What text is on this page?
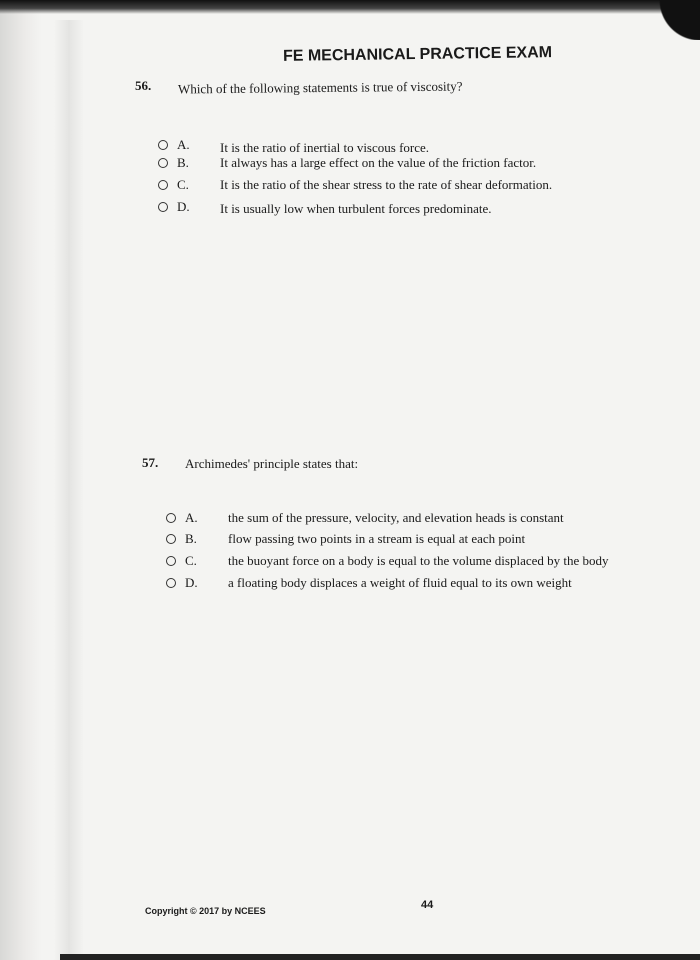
FE MECHANICAL PRACTICE EXAM
56. Which of the following statements is true of viscosity?
A. It is the ratio of inertial to viscous force.
B. It always has a large effect on the value of the friction factor.
C. It is the ratio of the shear stress to the rate of shear deformation.
D. It is usually low when turbulent forces predominate.
57. Archimedes' principle states that:
A. the sum of the pressure, velocity, and elevation heads is constant
B. flow passing two points in a stream is equal at each point
C. the buoyant force on a body is equal to the volume displaced by the body
D. a floating body displaces a weight of fluid equal to its own weight
Copyright © 2017 by NCEES	44
